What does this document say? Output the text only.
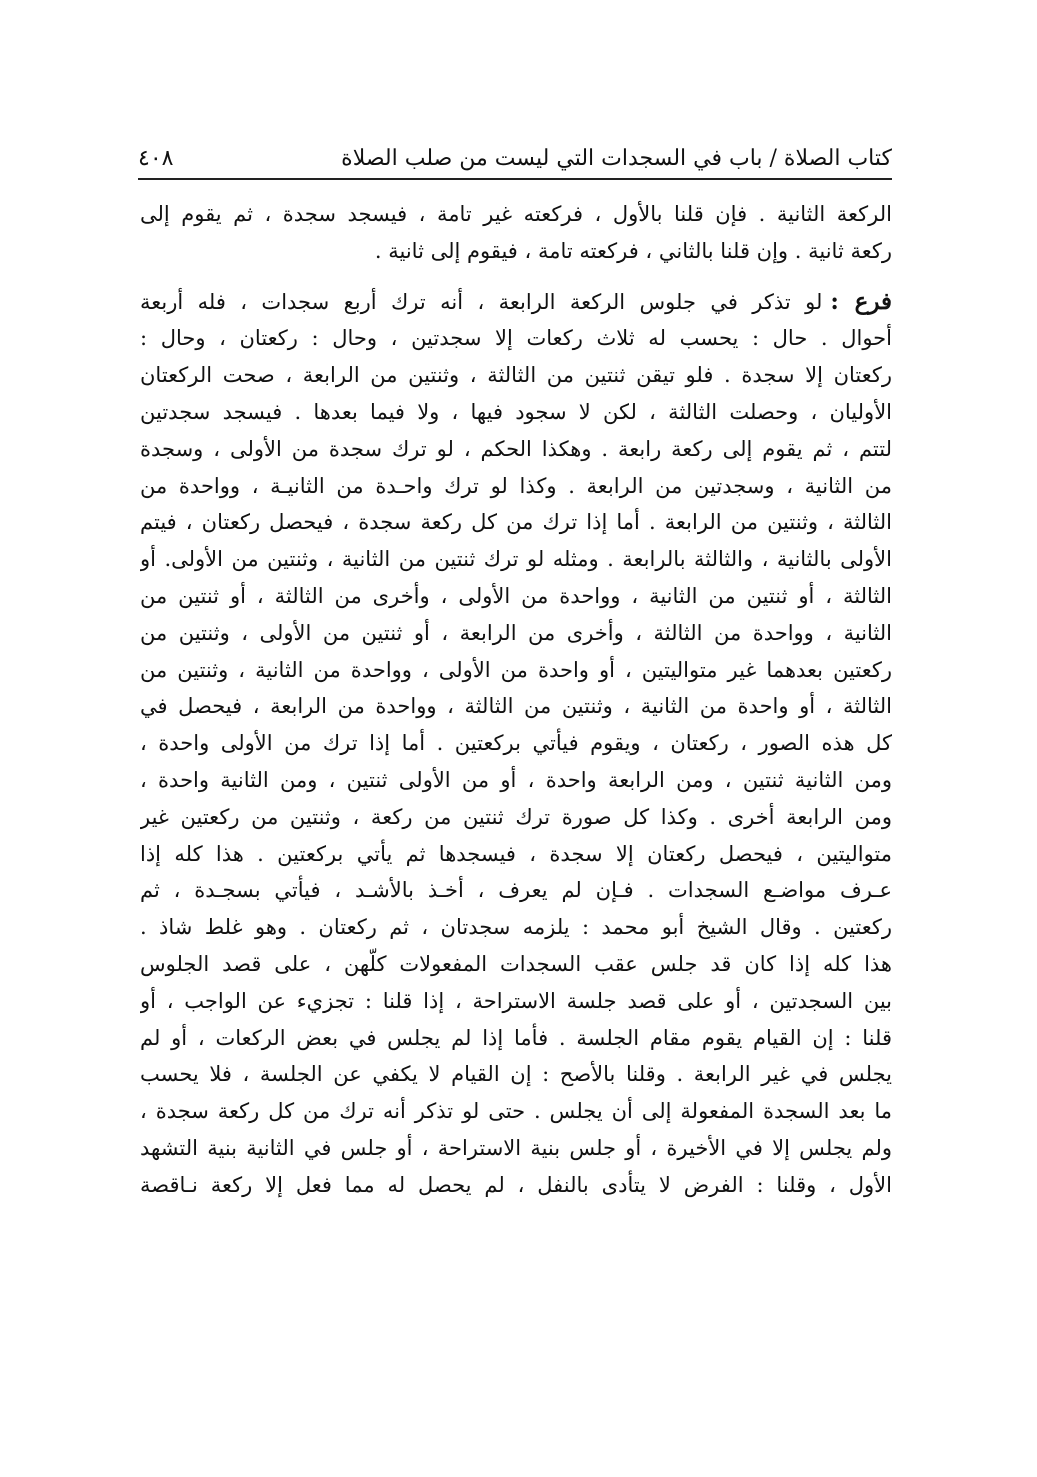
كتاب الصلاة / باب في السجدات التي ليست من صلب الصلاة
٤٠٨
الركعة الثانية . فإن قلنا بالأول ، فركعته غير تامة ، فيسجد سجدة ، ثم يقوم إلى
ركعة ثانية . وإن قلنا بالثاني ، فركعته تامة ، فيقوم إلى ثانية .
فرع :لو تذكر في جلوس الركعة الرابعة ، أنه ترك أربع سجدات ، فله أربعة
أحوال . حال : يحسب له ثلاث ركعات إلا سجدتين ، وحال : ركعتان ، وحال :
ركعتان إلا سجدة . فلو تيقن ثنتين من الثالثة ، وثنتين من الرابعة ، صحت الركعتان
الأوليان ، وحصلت الثالثة ، لكن لا سجود فيها ، ولا فيما بعدها . فيسجد سجدتين
لتتم ، ثم يقوم إلى ركعة رابعة . وهكذا الحكم ، لو ترك سجدة من الأولى ، وسجدة
من الثانية ، وسجدتين من الرابعة . وكذا لو ترك واحـدة من الثانيـة ، وواحدة من
الثالثة ، وثنتين من الرابعة . أما إذا ترك من كل ركعة سجدة ، فيحصل ركعتان ، فيتم
الأولى بالثانية ، والثالثة بالرابعة . ومثله لو ترك ثنتين من الثانية ، وثنتين من الأولى. أو
الثالثة ، أو ثنتين من الثانية ، وواحدة من الأولى ، وأخرى من الثالثة ، أو ثنتين من
الثانية ، وواحدة من الثالثة ، وأخرى من الرابعة ، أو ثنتين من الأولى ، وثنتين من
ركعتين بعدهما غير متواليتين ، أو واحدة من الأولى ، وواحدة من الثانية ، وثنتين من
الثالثة ، أو واحدة من الثانية ، وثنتين من الثالثة ، وواحدة من الرابعة ، فيحصل في
كل هذه الصور ، ركعتان ، ويقوم فيأتي بركعتين . أما إذا ترك من الأولى واحدة ،
ومن الثانية ثنتين ، ومن الرابعة واحدة ، أو من الأولى ثنتين ، ومن الثانية واحدة ،
ومن الرابعة أخرى . وكذا كل صورة ترك ثنتين من ركعة ، وثنتين من ركعتين غير
متواليتين ، فيحصل ركعتان إلا سجدة ، فيسجدها ثم يأتي بركعتين . هذا كله إذا
عـرف مواضـع السجدات . فـإن لم يعرف ، أخـذ بالأشـد ، فيأتي بسجـدة ، ثم
ركعتين . وقال الشيخ أبو محمد : يلزمه سجدتان ، ثم ركعتان . وهو غلط شاذ .
هذا كله إذا كان قد جلس عقب السجدات المفعولات كلّهن ، على قصد الجلوس
بين السجدتين ، أو على قصد جلسة الاستراحة ، إذا قلنا : تجزيء عن الواجب ، أو
قلنا : إن القيام يقوم مقام الجلسة . فأما إذا لم يجلس في بعض الركعات ، أو لم
يجلس في غير الرابعة . وقلنا بالأصح : إن القيام لا يكفي عن الجلسة ، فلا يحسب
ما بعد السجدة المفعولة إلى أن يجلس . حتى لو تذكر أنه ترك من كل ركعة سجدة ،
ولم يجلس إلا في الأخيرة ، أو جلس بنية الاستراحة ، أو جلس في الثانية بنية التشهد
الأول ، وقلنا : الفرض لا يتأدى بالنفل ، لم يحصل له مما فعل إلا ركعة نـاقصة
